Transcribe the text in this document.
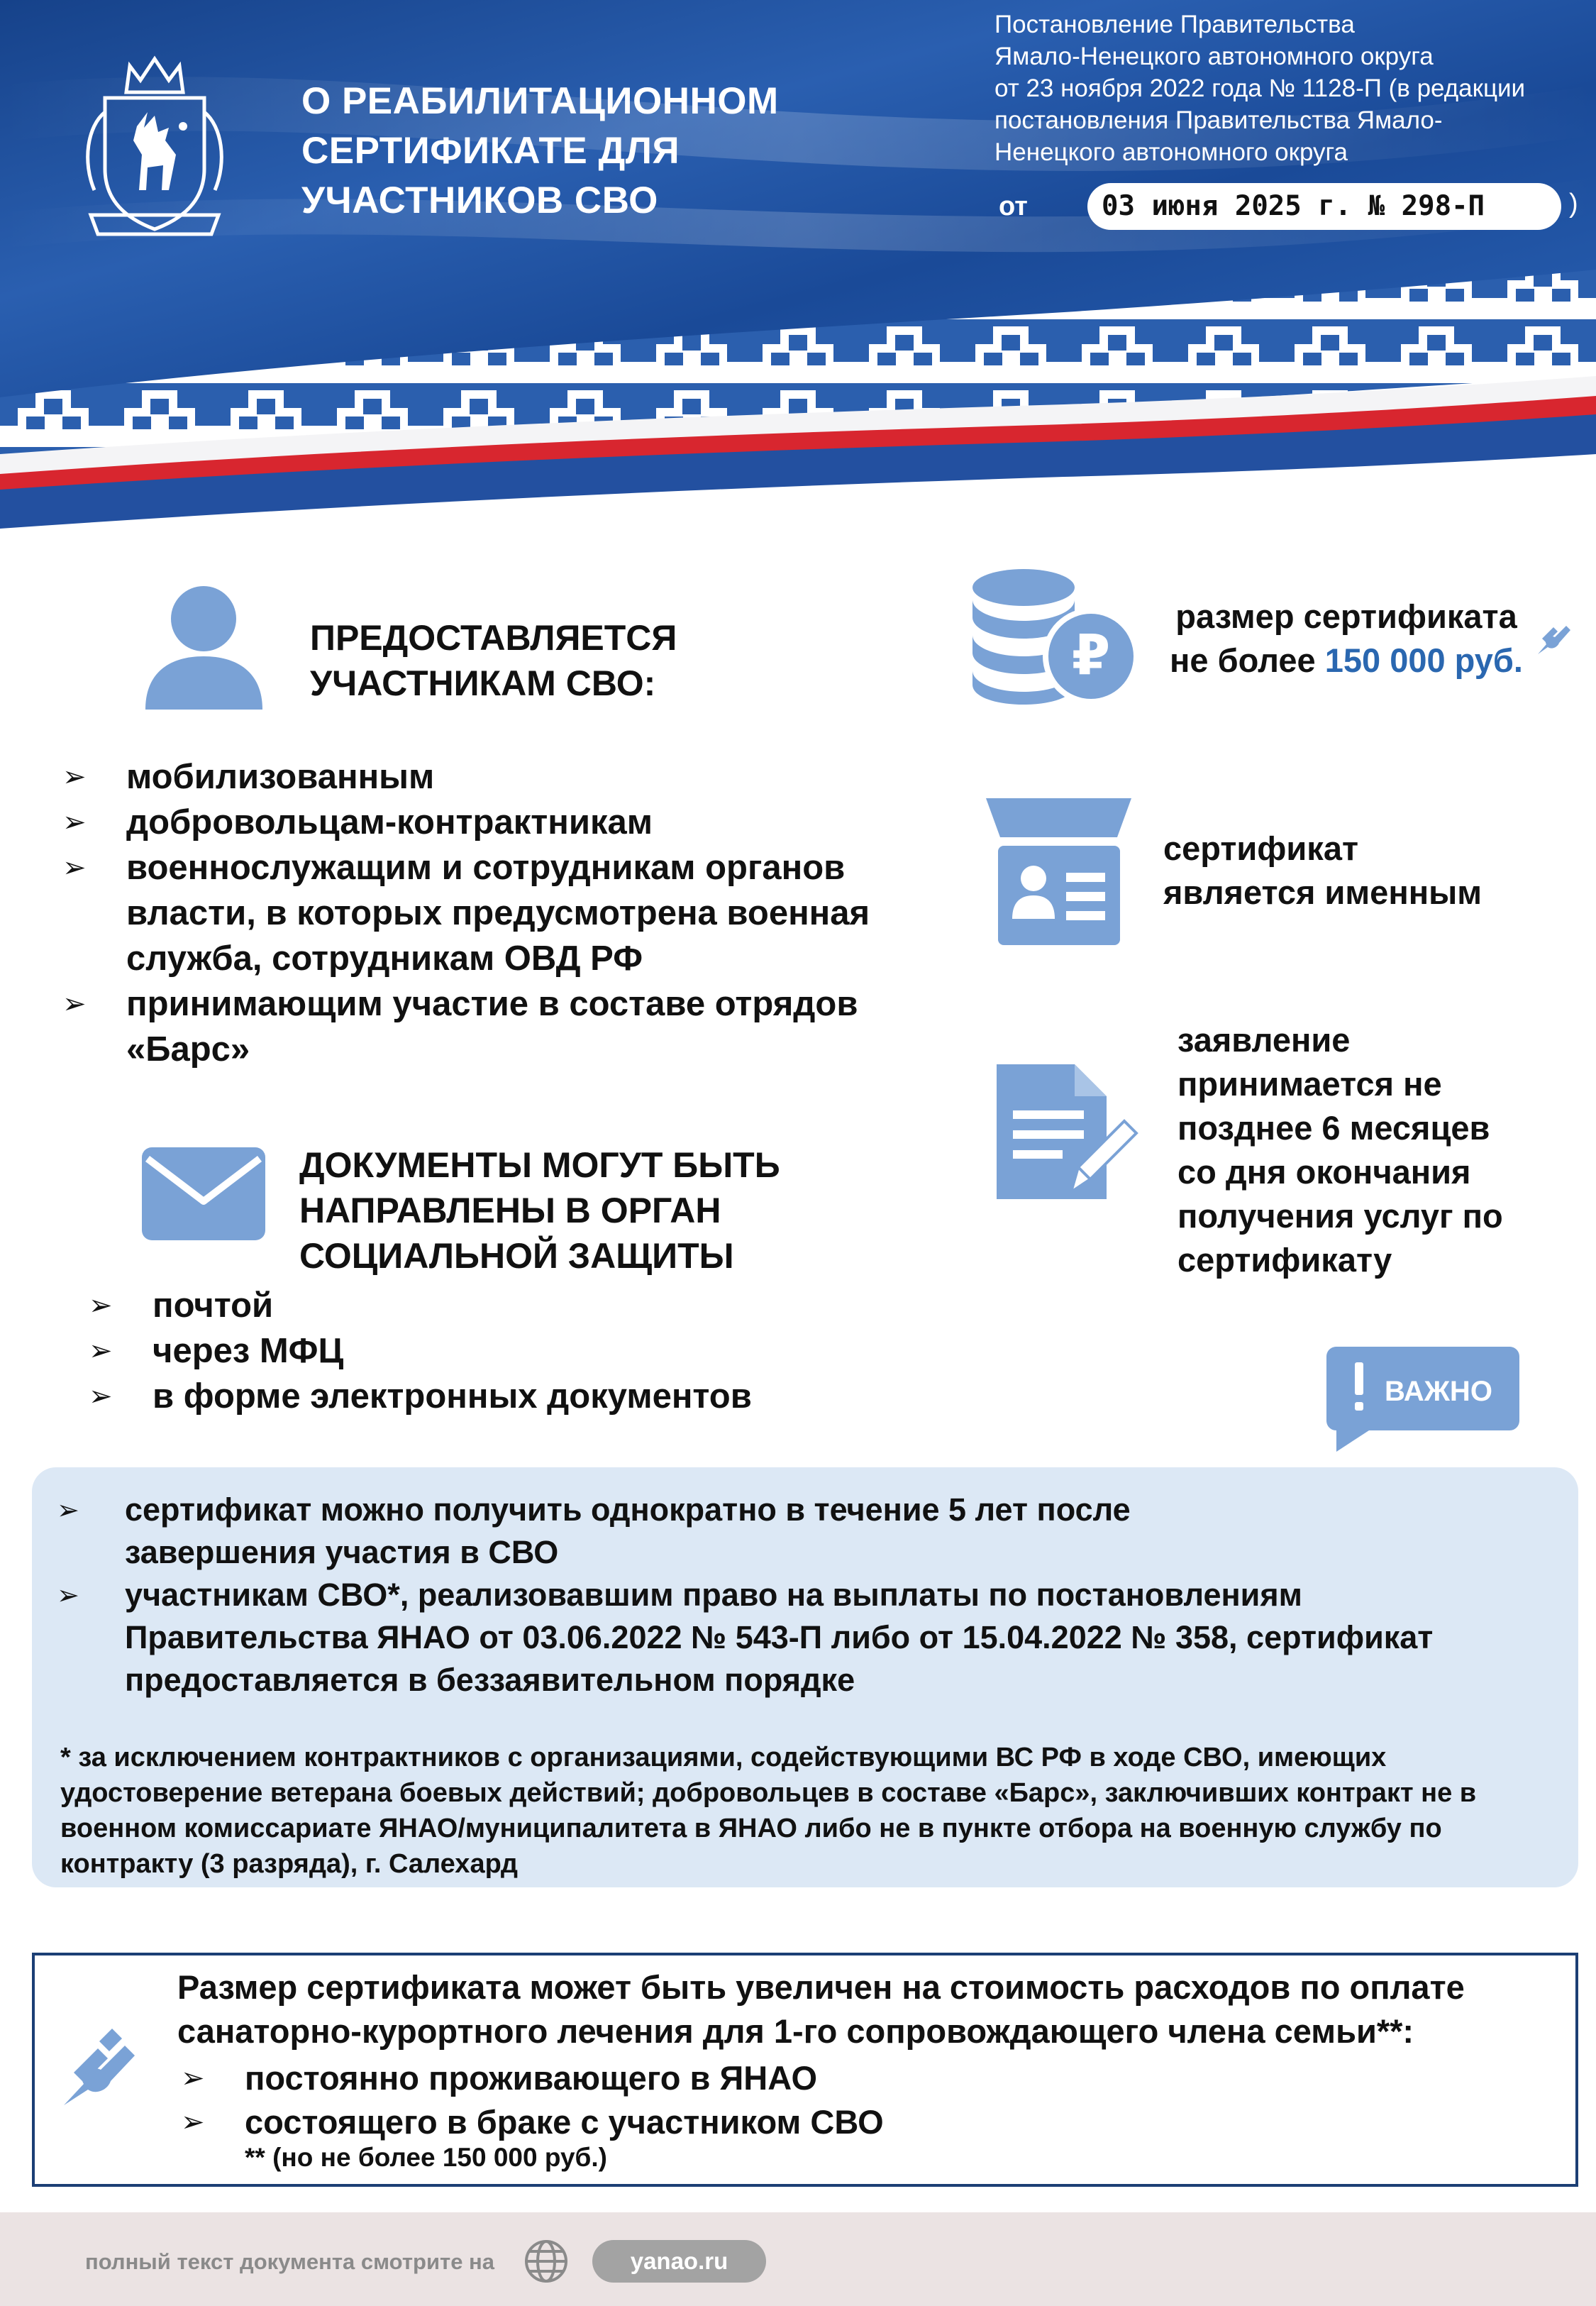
О РЕАБИЛИТАЦИОННОМ
СЕРТИФИКАТЕ ДЛЯ
УЧАСТНИКОВ СВО
Постановление Правительства
Ямало-Ненецкого автономного округа
от 23 ноября 2022 года № 1128-П (в редакции
постановления Правительства Ямало-
Ненецкого автономного округа
от	03 июня 2025 г. № 298-П	)
ПРЕДОСТАВЛЯЕТСЯ
УЧАСТНИКАМ СВО:
➢ мобилизованным
➢ добровольцам-контрактникам
➢ военнослужащим и сотрудникам органов
власти, в которых предусмотрена военная
служба, сотрудникам ОВД РФ
➢ принимающим участие в составе отрядов
«Барс»
ДОКУМЕНТЫ МОГУТ БЫТЬ
НАПРАВЛЕНЫ В ОРГАН
СОЦИАЛЬНОЙ ЗАЩИТЫ
➢ почтой
➢ через МФЦ
➢ в форме электронных документов
₽
размер сертификата
не более 150 000 руб.
сертификат
является именным
заявление
принимается не
позднее 6 месяцев
со дня окончания
получения услуг по
сертификату
ВАЖНО
➢ сертификат можно получить однократно в течение 5 лет после
завершения участия в СВО
➢ участникам СВО*, реализовавшим право на выплаты по постановлениям
Правительства ЯНАО от 03.06.2022 № 543-П либо от 15.04.2022 № 358, сертификат
предоставляется в беззаявительном порядке
* за исключением контрактников с организациями, содействующими ВС РФ в ходе СВО, имеющих
удостоверение ветерана боевых действий; добровольцев в составе «Барс», заключивших контракт не в
военном комиссариате ЯНАО/муниципалитета в ЯНАО либо не в пункте отбора на военную службу по
контракту (3 разряда), г. Салехард
Размер сертификата может быть увеличен на стоимость расходов по оплате
санаторно-курортного лечения для 1-го сопровождающего члена семьи**:
➢ постоянно проживающего в ЯНАО
➢ состоящего в браке с участником СВО
** (но не более 150 000 руб.)
полный текст документа смотрите на	yanao.ru
